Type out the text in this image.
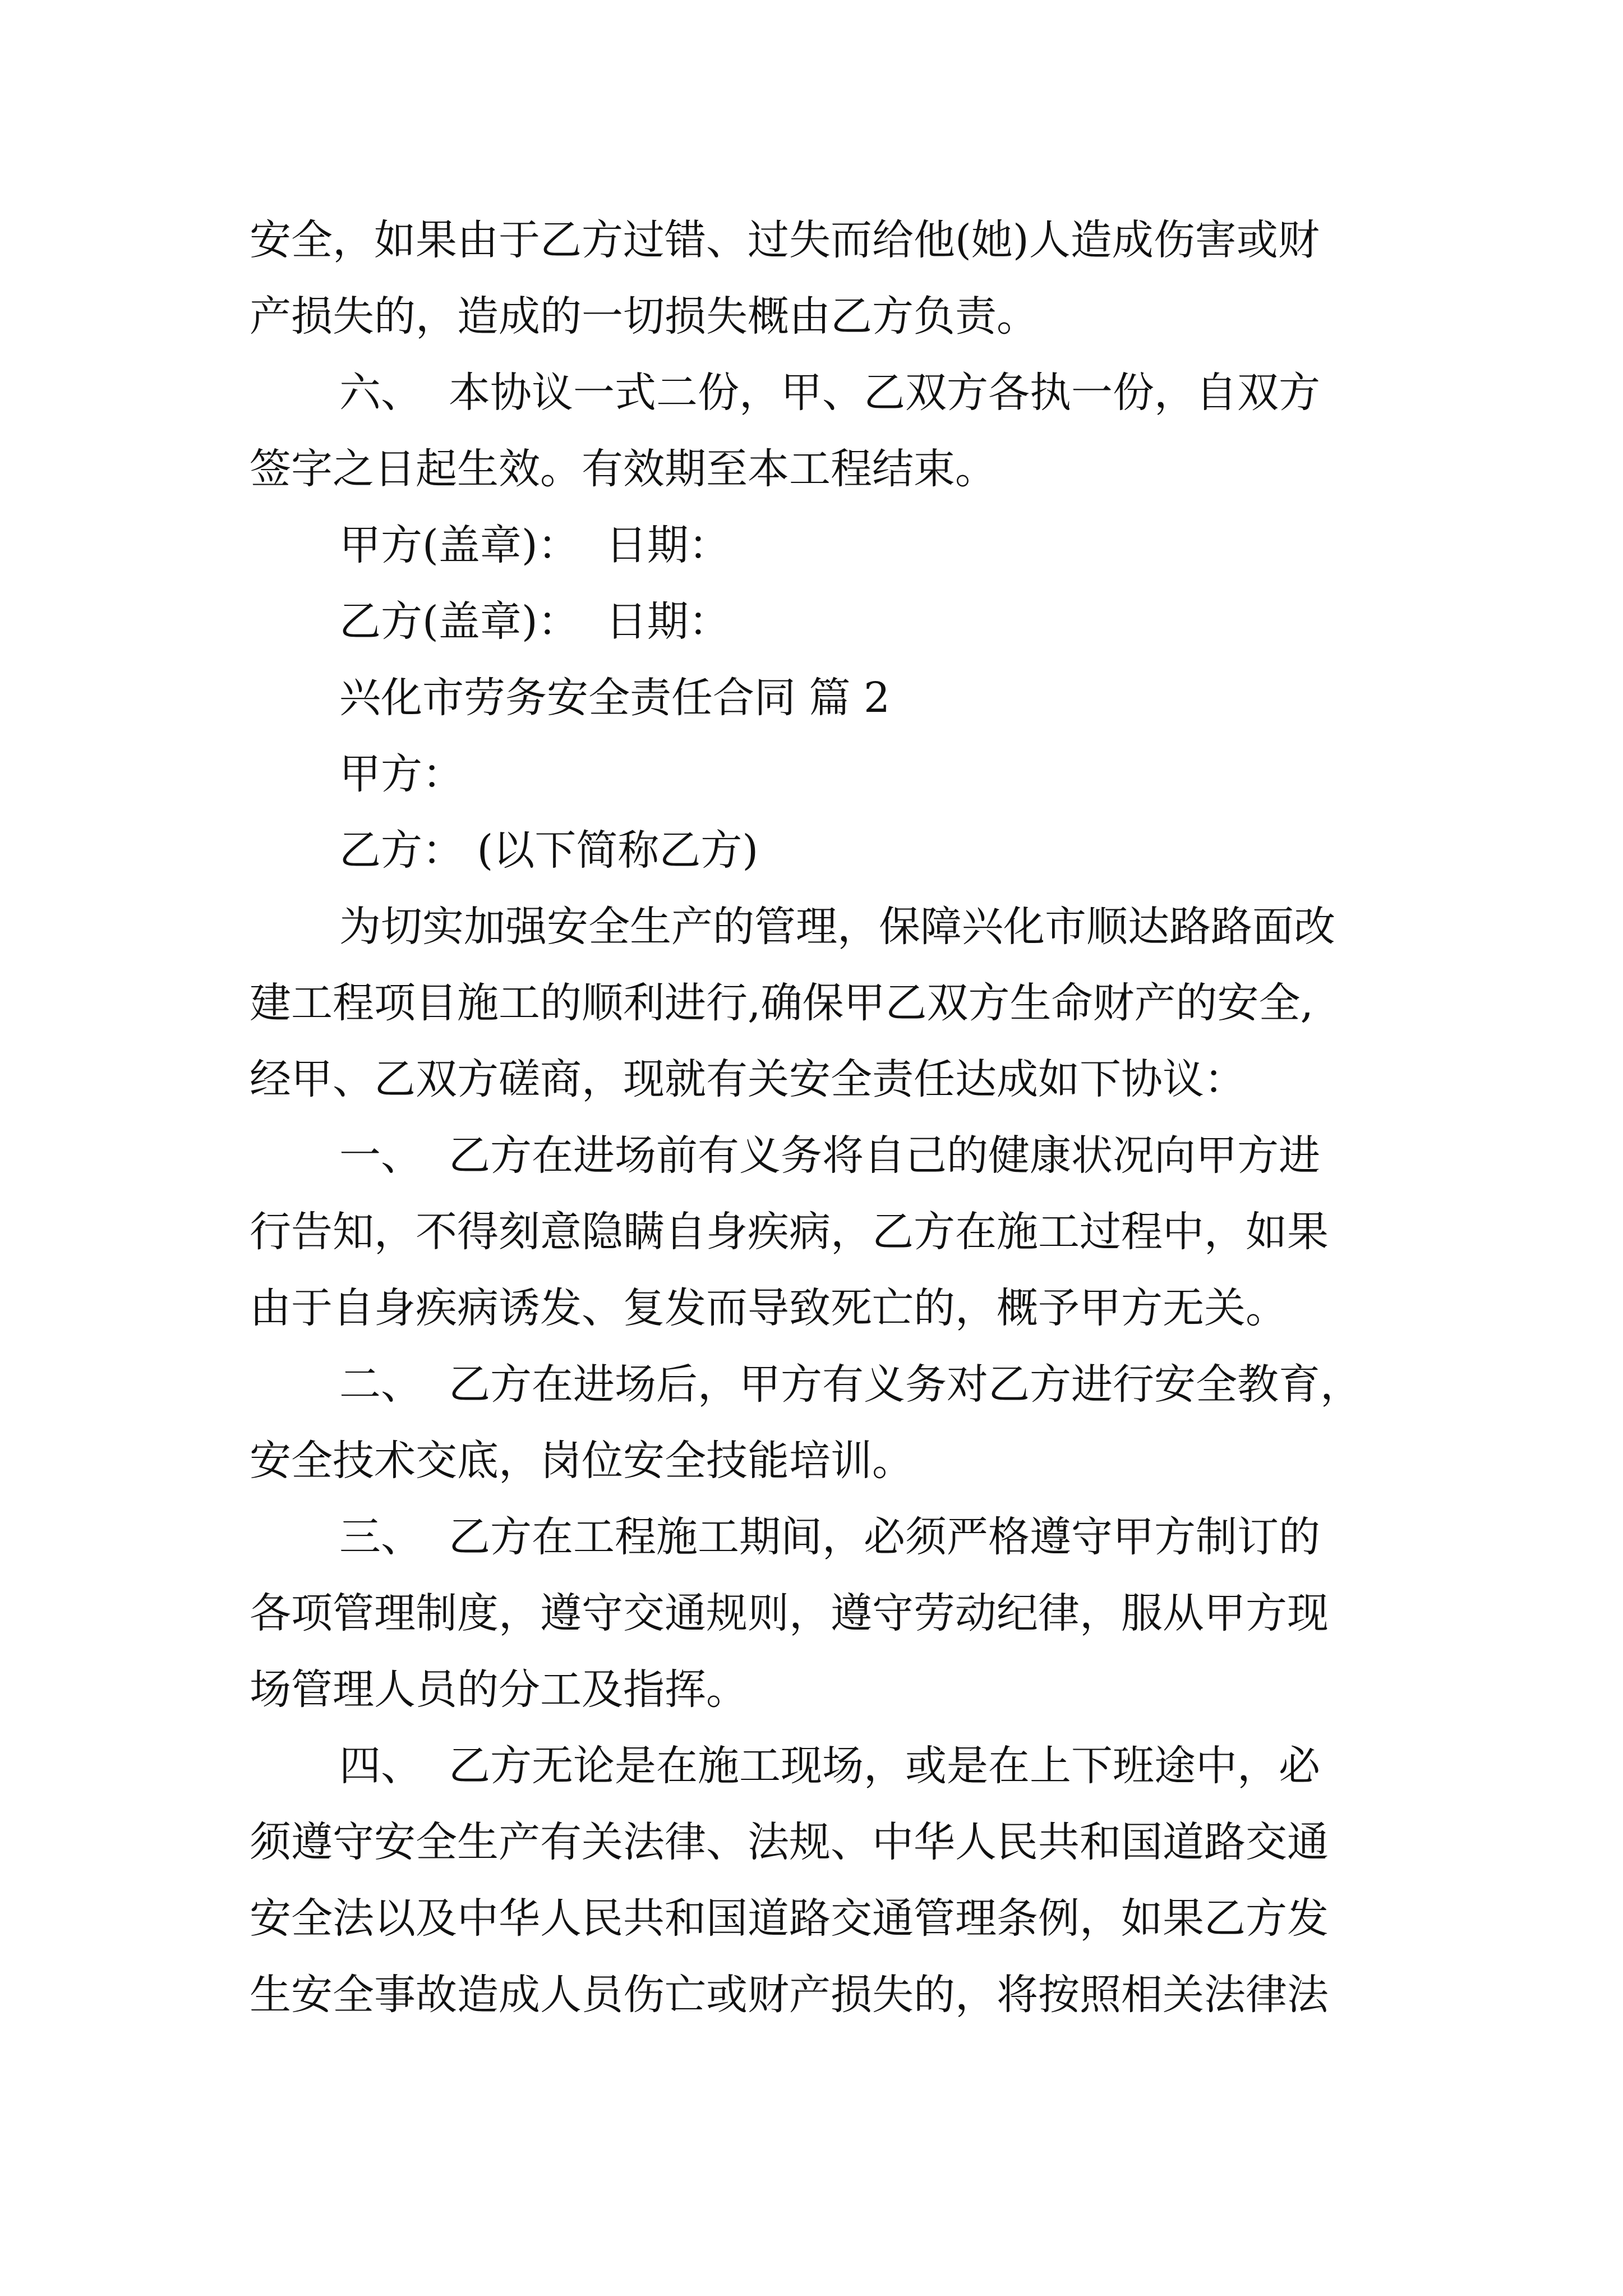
安全，如果由于乙方过错、过失而给他(她)人造成伤害或财
产损失的，造成的一切损失概由乙方负责。
六、  本协议一式二份，甲、乙双方各执一份，自双方
签字之日起生效。有效期至本工程结束。
甲方(盖章)：  日期：
乙方(盖章)：  日期：
兴化市劳务安全责任合同 篇 2
甲方：
乙方： (以下简称乙方)
为切实加强安全生产的管理，保障兴化市顺达路路面改
建工程项目施工的顺利进行,确保甲乙双方生命财产的安全,
经甲、乙双方磋商，现就有关安全责任达成如下协议：
一、  乙方在进场前有义务将自己的健康状况向甲方进
行告知，不得刻意隐瞒自身疾病，乙方在施工过程中，如果
由于自身疾病诱发、复发而导致死亡的，概予甲方无关。
二、  乙方在进场后，甲方有义务对乙方进行安全教育，
安全技术交底，岗位安全技能培训。
三、  乙方在工程施工期间，必须严格遵守甲方制订的
各项管理制度，遵守交通规则，遵守劳动纪律，服从甲方现
场管理人员的分工及指挥。
四、  乙方无论是在施工现场，或是在上下班途中，必
须遵守安全生产有关法律、法规、中华人民共和国道路交通
安全法以及中华人民共和国道路交通管理条例，如果乙方发
生安全事故造成人员伤亡或财产损失的，将按照相关法律法
